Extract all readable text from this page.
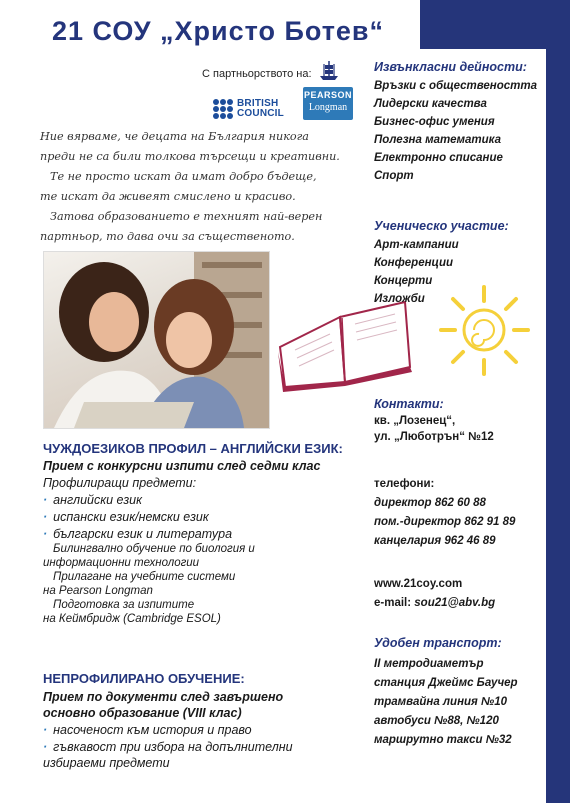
21 СОУ „Христо Ботев“
С партньорството на:
BRITISH
COUNCIL
PEARSON
Longman

Ние вярваме, че децата на България никога

преди не са били толкова търсещи и креативни.

Те не просто искат да имат добро бъдеще,

те искат да живеят смислено и красиво.

Затова образованието е техният най-верен

партньор, то дава очи за същественото.

ЧУЖДОЕЗИКОВ ПРОФИЛ – АНГЛИЙСКИ ЕЗИК:
Прием с конкурсни изпити след седми клас
Профилиращи предмети:
· английски език
· испански език/немски език
· български език и литература
Билингвално обучение по биология и
информационни технологии
Прилагане на учебните системи
на Pearson Longman
Подготовка за изпитите
на Кеймбридж (Cambridge ESOL)
НЕПРОФИЛИРАНО ОБУЧЕНИЕ:
Прием по документи след завършено
основно образование (VIII клас)
· насоченост към история и право
· гъвкавост при избора на допълнителни
избираеми предмети
Извънкласни дейности:
Връзки с обществеността
Лидерски качества
Бизнес-офис умения
Полезна математика
Електронно списание
Спорт
Ученическо участие:
Арт-кампании
Конференции
Концерти
Изложби
Контакти:
кв. „Лозенец“,
ул. „Люботрън“ №12
телефони:
директор 862 60 88
пом.-директор 862 91 89
канцелария 962 46 89
www.21coy.com
e-mail: sou21@abv.bg
Удобен транспорт:
II метродиаметър
станция Джеймс Баучер
трамвайна линия №10
автобуси №88, №120
маршрутно такси №32
